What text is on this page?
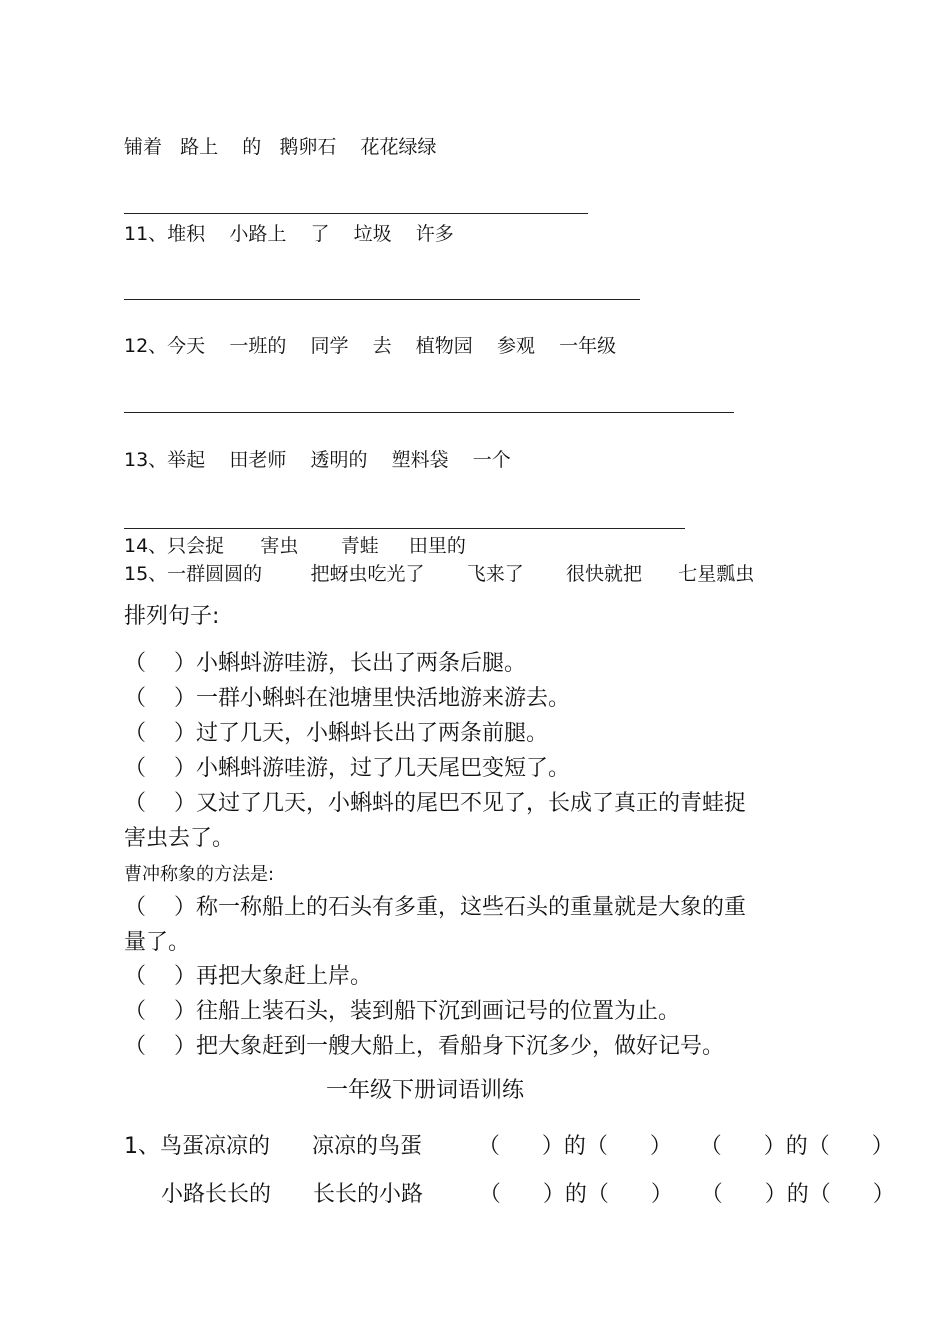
铺着   路上    的   鹅卵石    花花绿绿
11、堆积    小路上    了    垃圾    许多
12、今天    一班的    同学    去    植物园    参观    一年级
13、举起    田老师    透明的    塑料袋    一个
14、只会捉      害虫       青蛙     田里的
15、一群圆圆的        把蚜虫吃光了       飞来了       很快就把      七星瓢虫
排列句子:
（    ）小蝌蚪游哇游，长出了两条后腿。
（    ）一群小蝌蚪在池塘里快活地游来游去。
（    ）过了几天，小蝌蚪长出了两条前腿。
（    ）小蝌蚪游哇游，过了几天尾巴变短了。
（    ）又过了几天，小蝌蚪的尾巴不见了，长成了真正的青蛙捉
害虫去了。
曹冲称象的方法是:
（    ）称一称船上的石头有多重，这些石头的重量就是大象的重
量了。
（    ）再把大象赶上岸。
（    ）往船上装石头，装到船下沉到画记号的位置为止。
（    ）把大象赶到一艘大船上，看船身下沉多少，做好记号。
一年级下册词语训练
1、鸟蛋凉凉的      凉凉的鸟蛋        （      ）的（      ）    （      ）的（      ）
小路长长的      长长的小路        （      ）的（      ）    （      ）的（      ）
